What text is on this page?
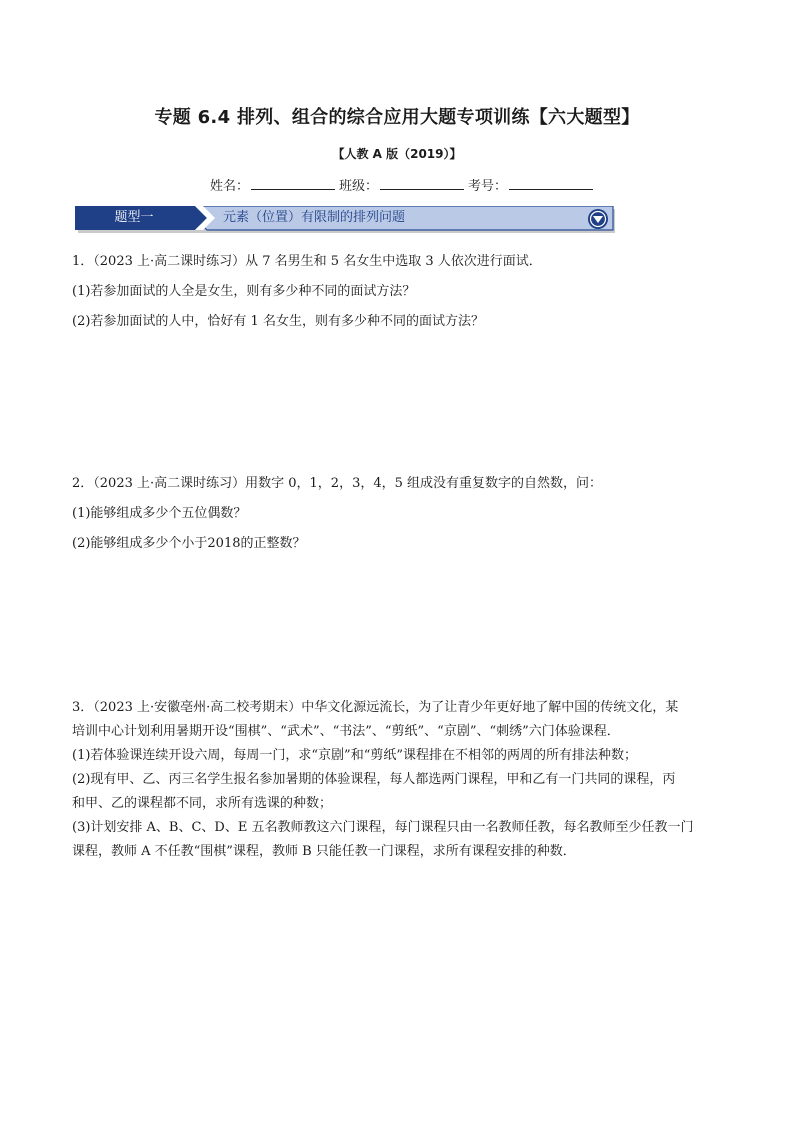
专题 6.4 排列、组合的综合应用大题专项训练【六大题型】
【人教 A 版（2019）】
姓名：	班级：	考号：
题型一	元素（位置）有限制的排列问题

1．（2023 上·高二课时练习）从 7 名男生和 5 名女生中选取 3 人依次进行面试．

(1)若参加面试的人全是女生，则有多少种不同的面试方法？

(2)若参加面试的人中，恰好有 1 名女生，则有多少种不同的面试方法？

2．（2023 上·高二课时练习）用数字 0，1，2，3，4，5 组成没有重复数字的自然数，问：

(1)能够组成多少个五位偶数？

(2)能够组成多少个小于2018的正整数？

3．（2023 上·安徽亳州·高二校考期末）中华文化源远流长，为了让青少年更好地了解中国的传统文化，某

培训中心计划利用暑期开设“围棋”、“武术”、“书法”、“剪纸”、“京剧”、“刺绣”六门体验课程．

(1)若体验课连续开设六周，每周一门，求“京剧”和“剪纸”课程排在不相邻的两周的所有排法种数；

(2)现有甲、乙、丙三名学生报名参加暑期的体验课程，每人都选两门课程，甲和乙有一门共同的课程，丙

和甲、乙的课程都不同，求所有选课的种数；

(3)计划安排 A、B、C、D、E 五名教师教这六门课程，每门课程只由一名教师任教，每名教师至少任教一门

课程，教师 A 不任教“围棋”课程，教师 B 只能任教一门课程，求所有课程安排的种数．
